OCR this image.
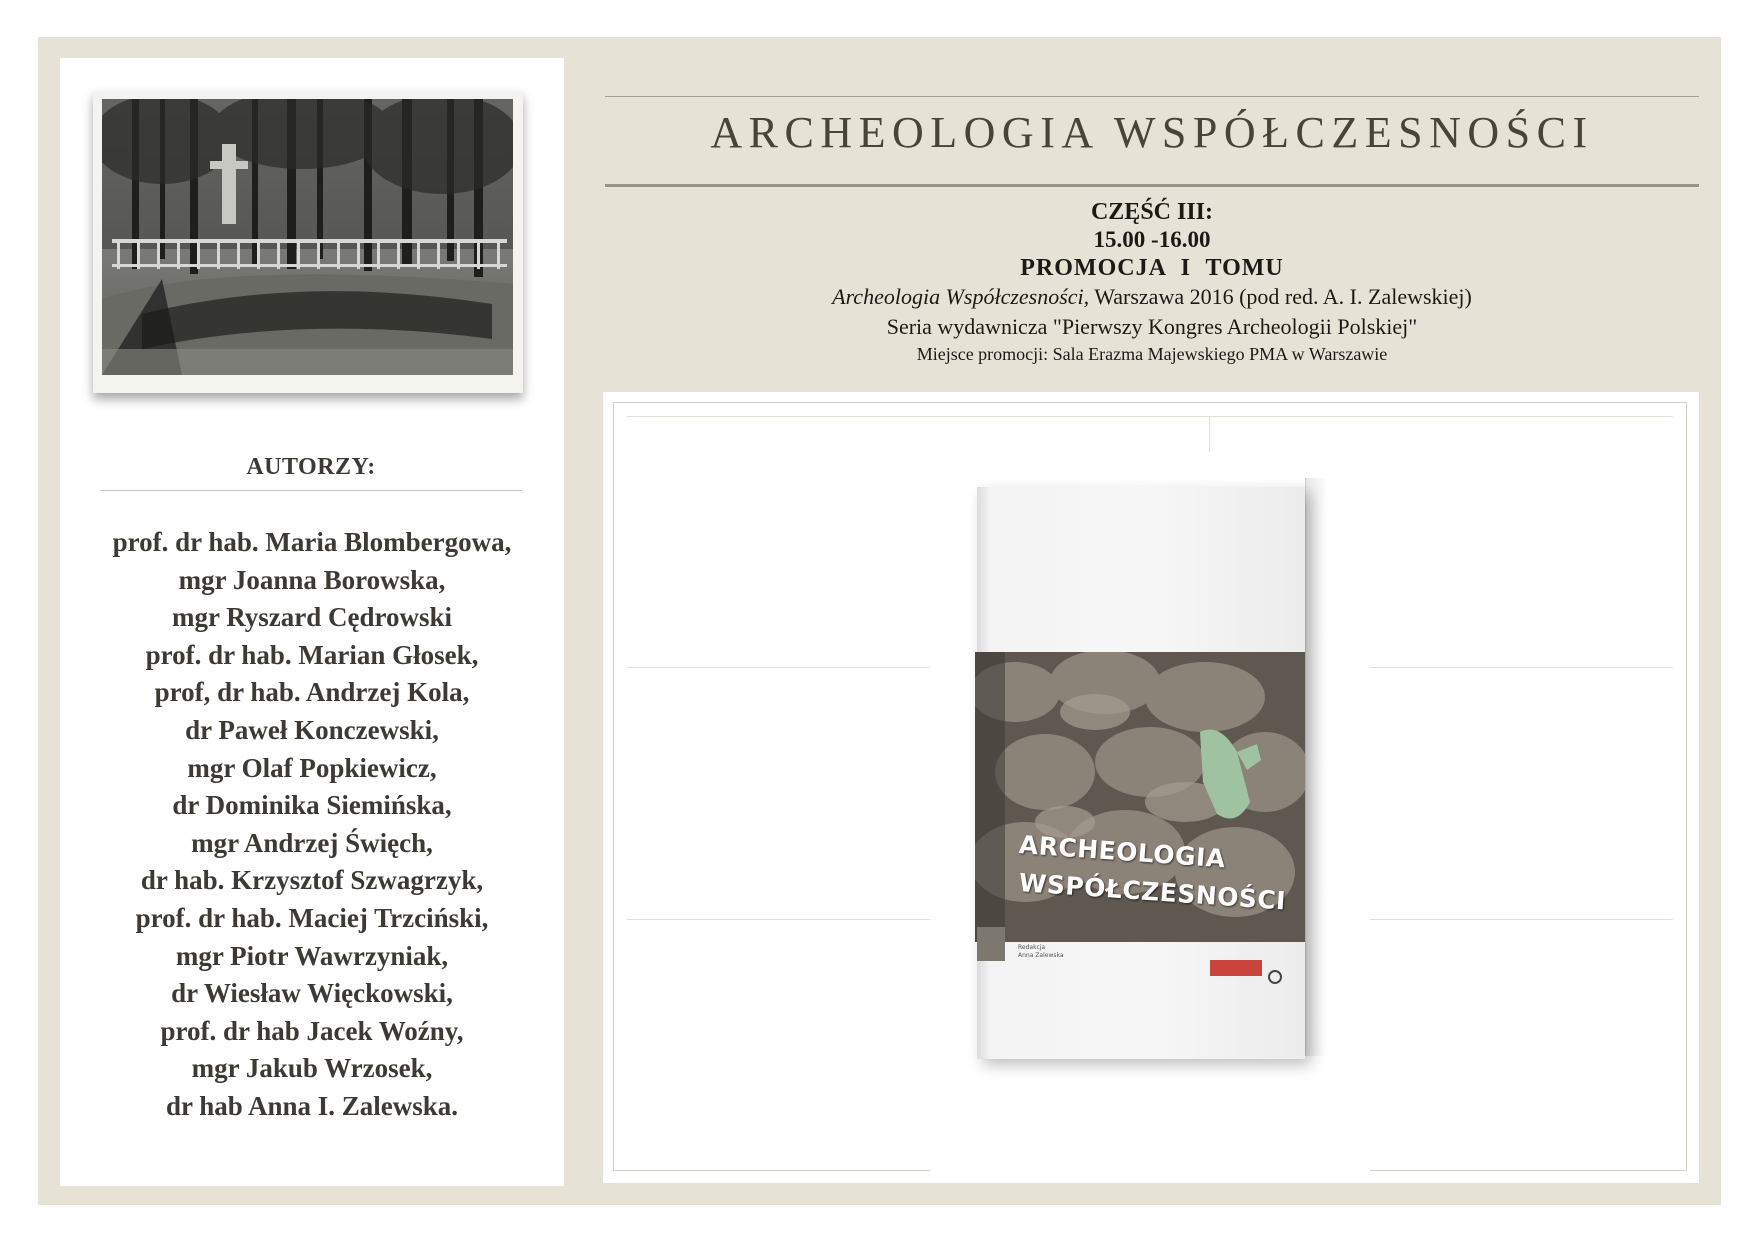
AUTORZY:
prof. dr hab. Maria Blombergowa,
mgr Joanna Borowska,
mgr Ryszard Cędrowski
prof. dr hab. Marian Głosek,
prof, dr hab. Andrzej Kola,
dr Paweł Konczewski,
mgr Olaf Popkiewicz,
dr Dominika Siemińska,
mgr Andrzej Święch,
dr hab. Krzysztof Szwagrzyk,
prof. dr hab. Maciej Trzciński,
mgr Piotr Wawrzyniak,
dr Wiesław Więckowski,
prof. dr hab Jacek Woźny,
mgr Jakub Wrzosek,
dr hab Anna I. Zalewska.
ARCHEOLOGIA WSPÓŁCZESNOŚCI
CZĘŚĆ III:
15.00 -16.00
PROMOCJA I TOMU
Archeologia Współczesności, Warszawa 2016 (pod red. A. I. Zalewskiej)
Seria wydawnicza "Pierwszy Kongres Archeologii Polskiej"
Miejsce promocji: Sala Erazma Majewskiego PMA w Warszawie
ARCHEOLOGIA
WSPÓŁCZESNOŚCI
Redakcja
Anna Zalewska
